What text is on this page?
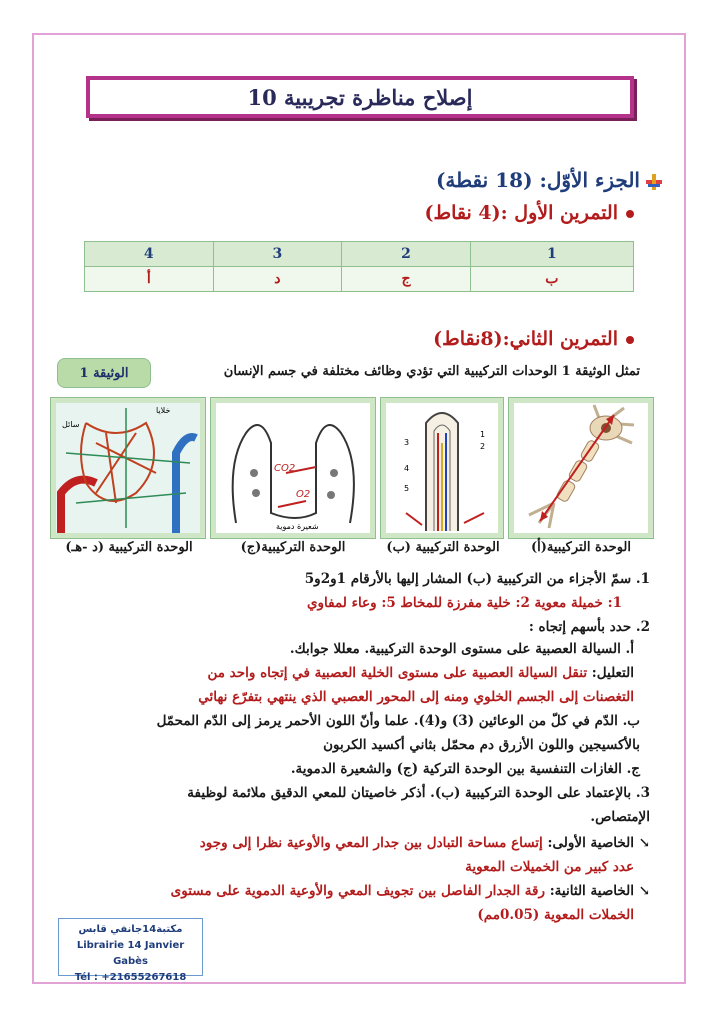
إصلاح مناظرة تجريبية 10
الجزء الأوّل: (18 نقطة)
التمرين الأول :(4 نقاط)
1	2	3	4
ب	ج	د	أ
التمرين الثاني:(8نقاط)
الوثيقة 1	تمثل الوثيقة 1 الوحدات التركيبية التي تؤدي وظائف مختلفة في جسم الإنسان
3
4
5
1
2
CO2
O2
شعيرة دموية
خلايا
سائل
الوحدة التركيبية(أ)
الوحدة التركيبية (ب)
الوحدة التركيبية(ج)
الوحدة التركيبية (د -هـ)
1. سمّ الأجزاء من التركيبية (ب) المشار إليها بالأرقام 1و2و5
1: خميلة معوية 2: خلية مفرزة للمخاط 5: وعاء لمفاوي
2. حدد بأسهم إتجاه :
أ. السيالة العصبية على مستوى الوحدة التركيبية. معللا جوابك.
التعليل: تنقل السيالة العصبية على مستوى الخلية العصبية في إتجاه واحد من
التغصنات إلى الجسم الخلوي ومنه إلى المحور العصبي الذي ينتهي بتفرّع نهائي
ب. الدّم في كلّ من الوعائين (3) و(4). علما وأنّ اللون الأحمر يرمز إلى الدّم المحمّل
بالأكسيجين واللون الأزرق دم محمّل بثاني أكسيد الكربون
ج. الغازات التنفسية بين الوحدة التركية (ج) والشعيرة الدموية.
3. بالإعتماد على الوحدة التركيبية (ب). أذكر خاصيتان للمعي الدقيق ملائمة لوظيفة
الإمتصاص.
↘ الخاصية الأولى: إتساع مساحة التبادل بين جدار المعي والأوعية نظرا إلى وجود
عدد كبير من الخميلات المعوية
↘ الخاصية الثانية: رقة الجدار الفاصل بين تجويف المعي والأوعية الدموية على مستوى
الخملات المعوية (0.05مم)
مكتبة14جانفي قابس
Librairie 14 Janvier Gabès
Tél : +21655267618
